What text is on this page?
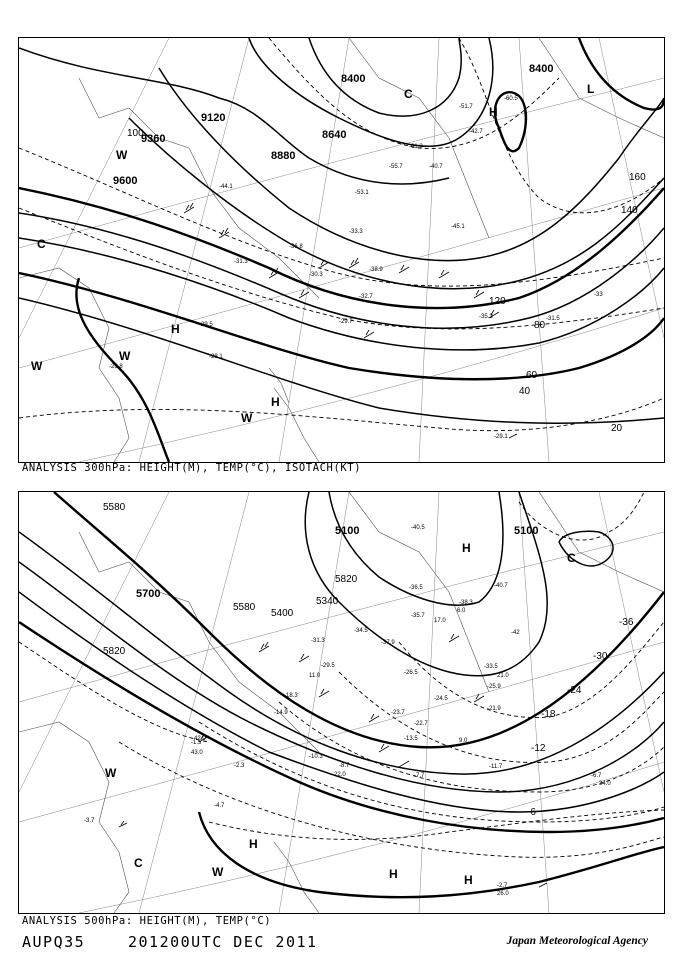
8400
8400
8640
8880
9120
9360
9600
20
40
60
80
100
120
140
160
-53.1
-55.7
-51.7
-33.3
-35.3
-36.8
-32.7
-31.3
-29.7
-28.1
-29.5
-45.1
-42.7
-60.5
-61.3
-38.9
-30.3
-26.8
-29.1
-31.5
-40.7
-44.1
-33
C
C
H
H
H
W
W
W
W
L
ANALYSIS 300hPa: HEIGHT(M), TEMP(°C), ISOTACH(KT)
5100	5100
5340
5400
5580
5580
5700
5820
5820
-36
-30
-24
-18
-12
-6
-38.3
-36.5
-34.5
-37.9
-40.7
-42
-33.5
-24.5
-25.9
-21.9
-13.5
-11.7
-7.7	-6.7
-2.7
-4.7
-3.7
-1.5
-2.3	-8.7
-10.3
-14.9
-18.3
-22.7
-23.7
-26.5
-29.5
-31.3
-35.7
-40.5
26.0
34.0
43.0
42.0
22.0
21.0
17.0
11.0
9.0
6.0
C
C
H
H
H	H
W
W
ANALYSIS 500hPa: HEIGHT(M), TEMP(°C)
AUPQ35	201200UTC DEC 2011	Japan Meteorological Agency
